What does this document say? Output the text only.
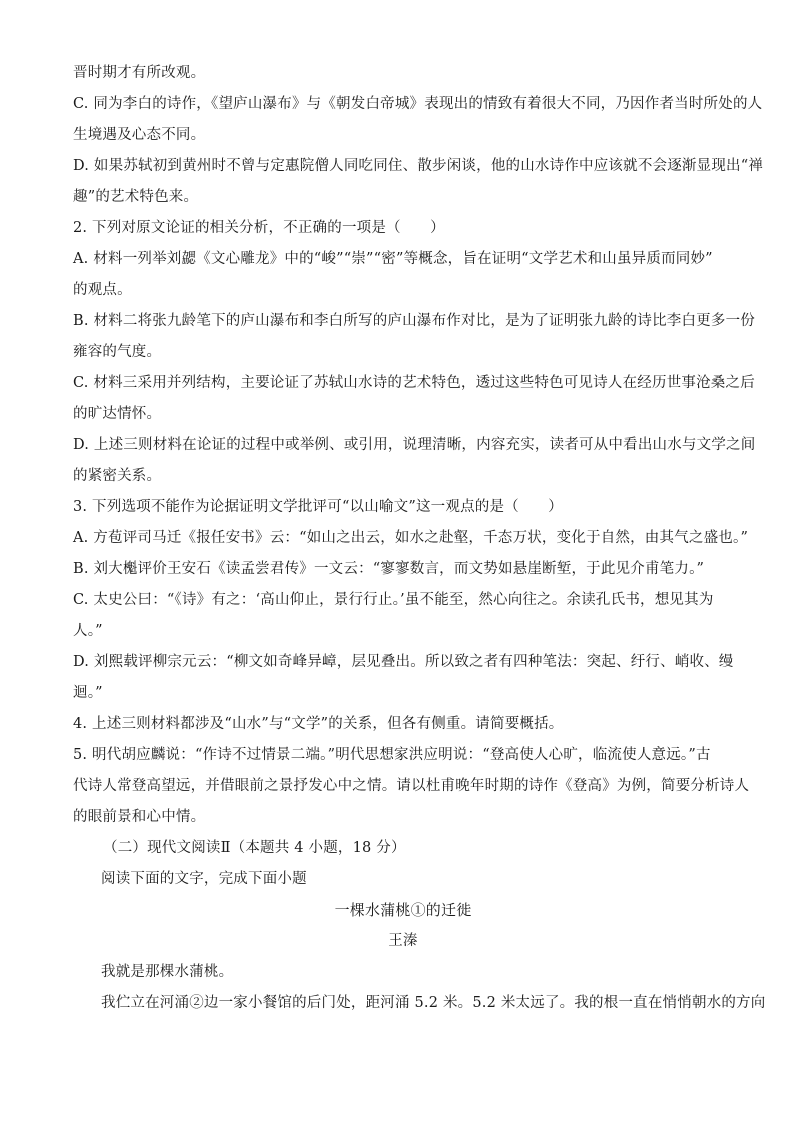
晋时期才有所改观。
C. 同为李白的诗作，《望庐山瀑布》与《朝发白帝城》表现出的情致有着很大不同，乃因作者当时所处的人
生境遇及心态不同。
D. 如果苏轼初到黄州时不曾与定惠院僧人同吃同住、散步闲谈，他的山水诗作中应该就不会逐渐显现出“禅
趣”的艺术特色来。
2. 下列对原文论证的相关分析，不正确的一项是（　　）
A. 材料一列举刘勰《文心雕龙》中的“峻”“崇”“密”等概念，旨在证明“文学艺术和山虽异质而同妙”
的观点。
B. 材料二将张九龄笔下的庐山瀑布和李白所写的庐山瀑布作对比，是为了证明张九龄的诗比李白更多一份
雍容的气度。
C. 材料三采用并列结构，主要论证了苏轼山水诗的艺术特色，透过这些特色可见诗人在经历世事沧桑之后
的旷达情怀。
D. 上述三则材料在论证的过程中或举例、或引用，说理清晰，内容充实，读者可从中看出山水与文学之间
的紧密关系。
3. 下列选项不能作为论据证明文学批评可“以山喻文”这一观点的是（　　）
A. 方苞评司马迁《报任安书》云：“如山之出云，如水之赴壑，千态万状，变化于自然，由其气之盛也。”
B. 刘大櫆评价王安石《读孟尝君传》一文云：“寥寥数言，而文势如悬崖断堑，于此见介甫笔力。”
C. 太史公曰：“《诗》有之：‘高山仰止，景行行止。’虽不能至，然心向往之。余读孔氏书，想见其为
人。”
D. 刘熙载评柳宗元云：“柳文如奇峰异嶂，层见叠出。所以致之者有四种笔法：突起、纡行、峭收、缦
迴。”
4. 上述三则材料都涉及“山水”与“文学”的关系，但各有侧重。请简要概括。
5. 明代胡应麟说：“作诗不过情景二端。”明代思想家洪应明说：“登高使人心旷，临流使人意远。”古
代诗人常登高望远，并借眼前之景抒发心中之情。请以杜甫晚年时期的诗作《登高》为例，简要分析诗人
的眼前景和心中情。
（二）现代文阅读Ⅱ（本题共 4 小题，18 分）
阅读下面的文字，完成下面小题
一棵水蒲桃①的迁徙
王溱
我就是那棵水蒲桃。
我伫立在河涌②边一家小餐馆的后门处，距河涌 5.2 米。5.2 米太远了。我的根一直在悄悄朝水的方向
